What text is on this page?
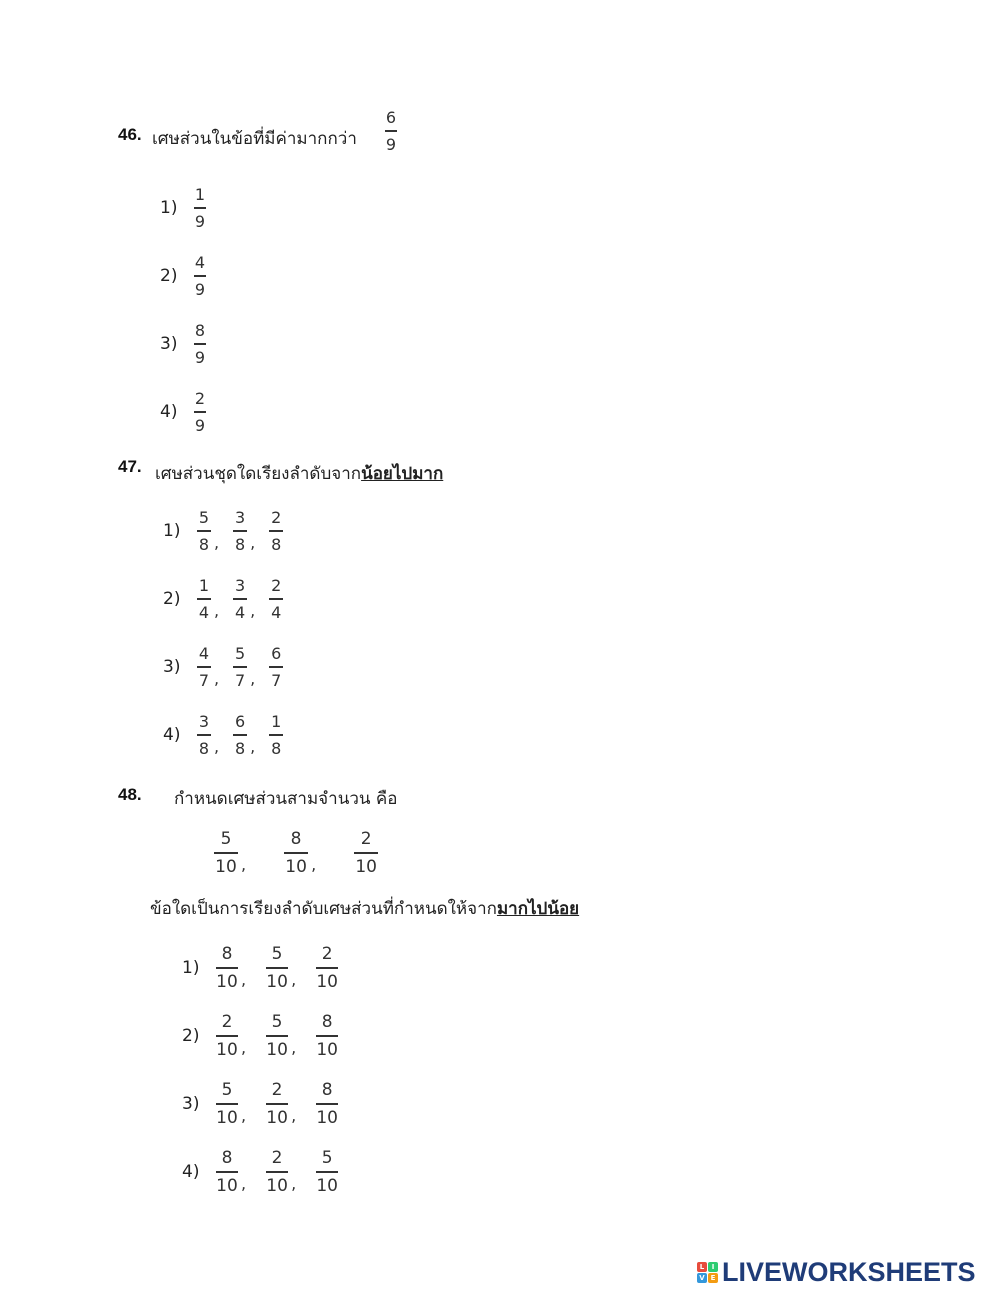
46. เศษส่วนในข้อที่มีค่ามากกว่า $\frac{6}{9}$
1)	$\frac{1}{9}$
2)	$\frac{4}{9}$
3)	$\frac{8}{9}$
4)	$\frac{2}{9}$
47. เศษส่วนชุดใดเรียงลำดับจากน้อยไปมาก
1)	$\frac{5}{8}$ , $\frac{3}{8}$ , $\frac{2}{8}$
2)	$\frac{1}{4}$ , $\frac{3}{4}$ , $\frac{2}{4}$
3)	$\frac{4}{7}$ , $\frac{5}{7}$ , $\frac{6}{7}$
4)	$\frac{3}{8}$ , $\frac{6}{8}$ , $\frac{1}{8}$
48. กำหนดเศษส่วนสามจำนวน คือ
$\frac{5}{10}$ , $\frac{8}{10}$ , $\frac{2}{10}$
ข้อใดเป็นการเรียงลำดับเศษส่วนที่กำหนดให้จากมากไปน้อย
$1) \frac{8}{10}$ , $\frac{5}{10}$ , $\frac{2}{10}$
$2) \frac{2}{10}$ , $\frac{5}{10}$ , $\frac{8}{10}$
$3) \frac{5}{10}$ , $\frac{2}{10}$ , $\frac{8}{10}$
$4) \frac{8}{10}$ , $\frac{2}{10}$ , $\frac{5}{10}$
L	I
V E LIVEWORKSHEETS
